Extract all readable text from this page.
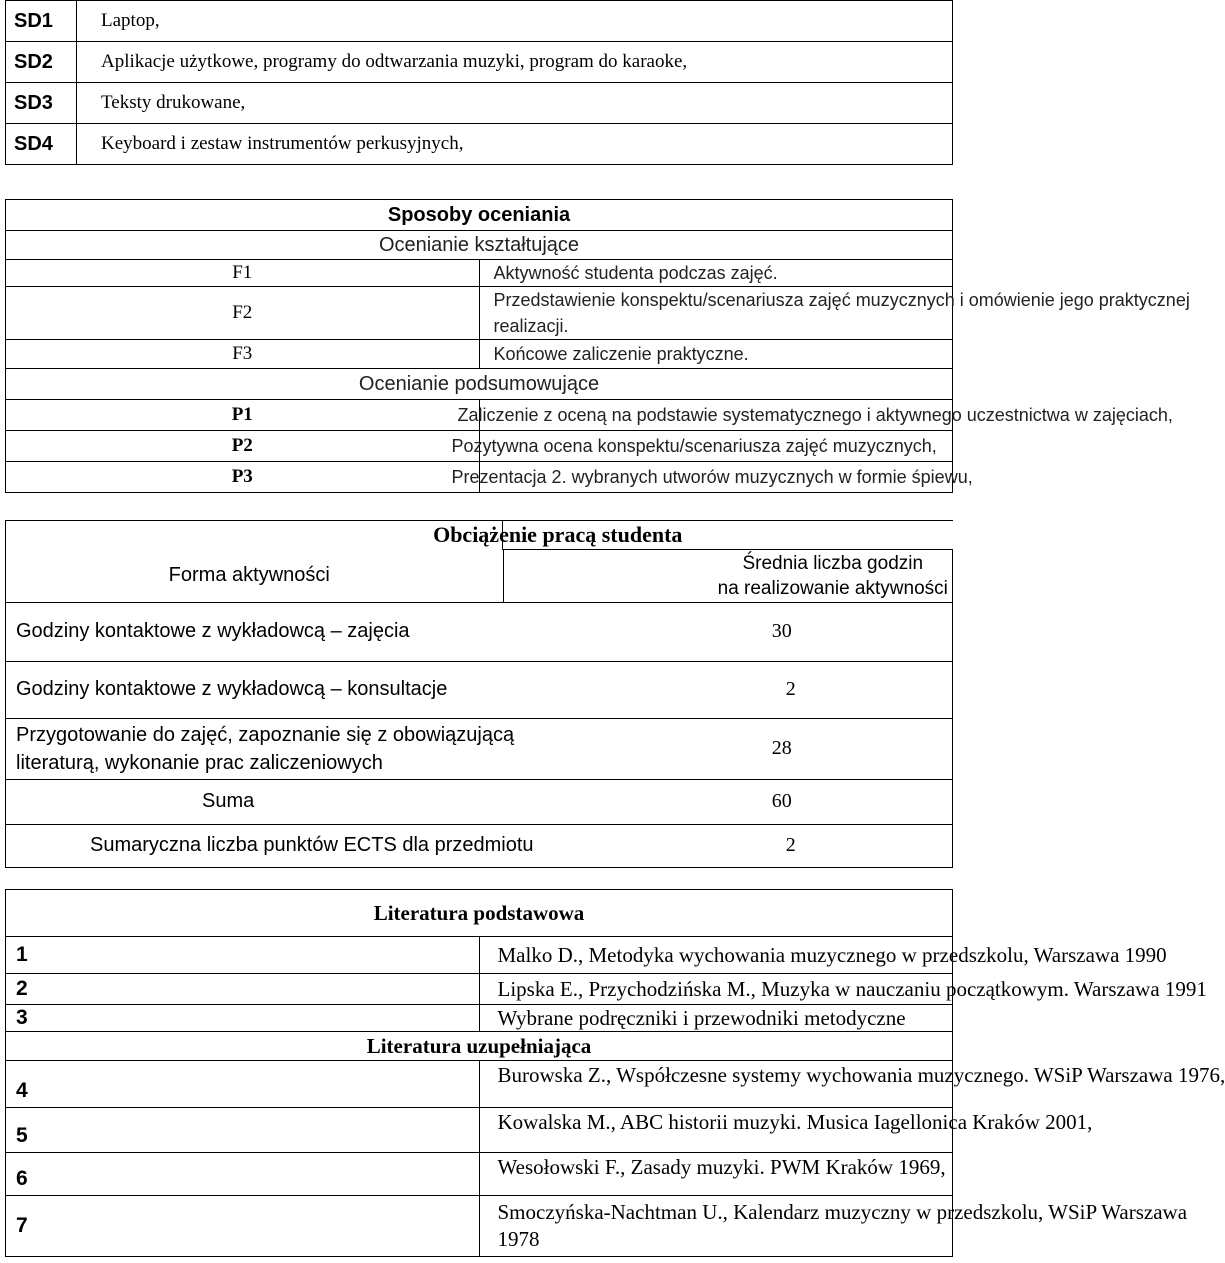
SD1	Laptop,
SD2	Aplikacje użytkowe, programy do odtwarzania muzyki, program do karaoke,
SD3	Teksty drukowane,
SD4	Keyboard i zestaw instrumentów perkusyjnych,
Sposoby oceniania	
Ocenianie kształtujące	
F1	Aktywność studenta podczas zajęć.
F2	Przedstawienie konspektu/scenariusza zajęć muzycznych i omówienie jego praktycznej
realizacji.
F3	Końcowe zaliczenie praktyczne.
Ocenianie podsumowujące	
P1	Zaliczenie z oceną na podstawie systematycznego i aktywnego uczestnictwa w zajęciach,

P2	Pozytywna ocena konspektu/scenariusza zajęć muzycznych,

P3	Prezentacja 2. wybranych utworów muzycznych w formie śpiewu,
		Obciążenie pracą studenta	
Forma aktywności	Średnia liczba godzin
na realizowanie aktywności	
Godziny kontaktowe z wykładowcą – zajęcia		30
Godziny kontaktowe z wykładowcą – konsultacje		2
Przygotowanie do zajęć, zapoznanie się z obowiązującą
literaturą, wykonanie prac zaliczeniowych		28
Suma		60
Sumaryczna liczba punktów ECTS dla przedmiotu		2
Literatura podstawowa	
1	Malko D., Metodyka wychowania muzycznego w przedszkolu, Warszawa 1990
2	Lipska E., Przychodzińska M., Muzyka w nauczaniu początkowym. Warszawa 1991
3	Wybrane podręczniki i przewodniki metodyczne
Literatura uzupełniająca	
4	Burowska Z., Współczesne systemy wychowania muzycznego. WSiP Warszawa 1976,
5	Kowalska M., ABC historii muzyki. Musica Iagellonica Kraków 2001,
6	Wesołowski F., Zasady muzyki. PWM Kraków 1969,
7	Smoczyńska-Nachtman U., Kalendarz muzyczny w przedszkolu, WSiP Warszawa
1978
